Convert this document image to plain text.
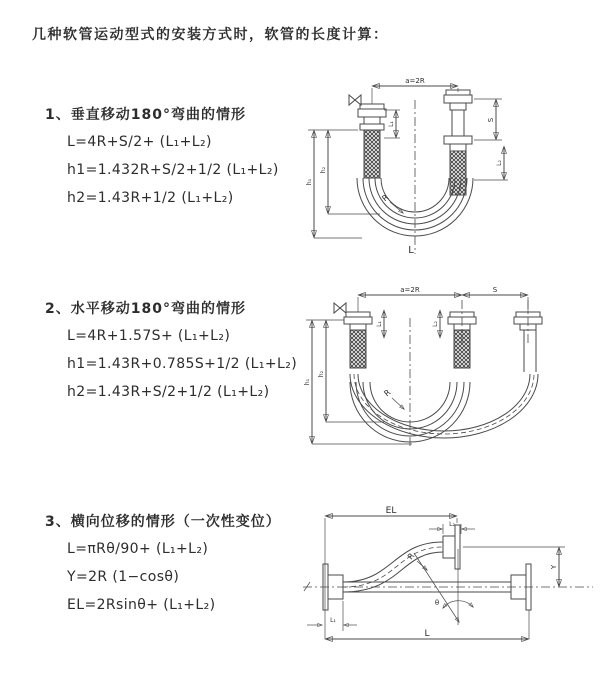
几种软管运动型式的安装方式时，软管的长度计算：
1、垂直移动180°弯曲的情形
L=4R+S/2+ (L₁+L₂)
h1=1.432R+S/2+1/2 (L₁+L₂)
h2=1.43R+1/2 (L₁+L₂)
a=2R
L₁
S
L₂
R
L
h₁
h₂
2、水平移动180°弯曲的情形
L=4R+1.57S+ (L₁+L₂)
h1=1.43R+0.785S+1/2 (L₁+L₂)
h2=1.43R+S/2+1/2 (L₁+L₂)
a=2R	S
L₁	L₂
R
h₁
h₂
3、横向位移的情形（一次性变位）
L=πRθ/90+ (L₁+L₂)
Y=2R (1−cosθ)
EL=2Rsinθ+ (L₁+L₂)
EL
L₂
Y
R
θ
L
L₁
